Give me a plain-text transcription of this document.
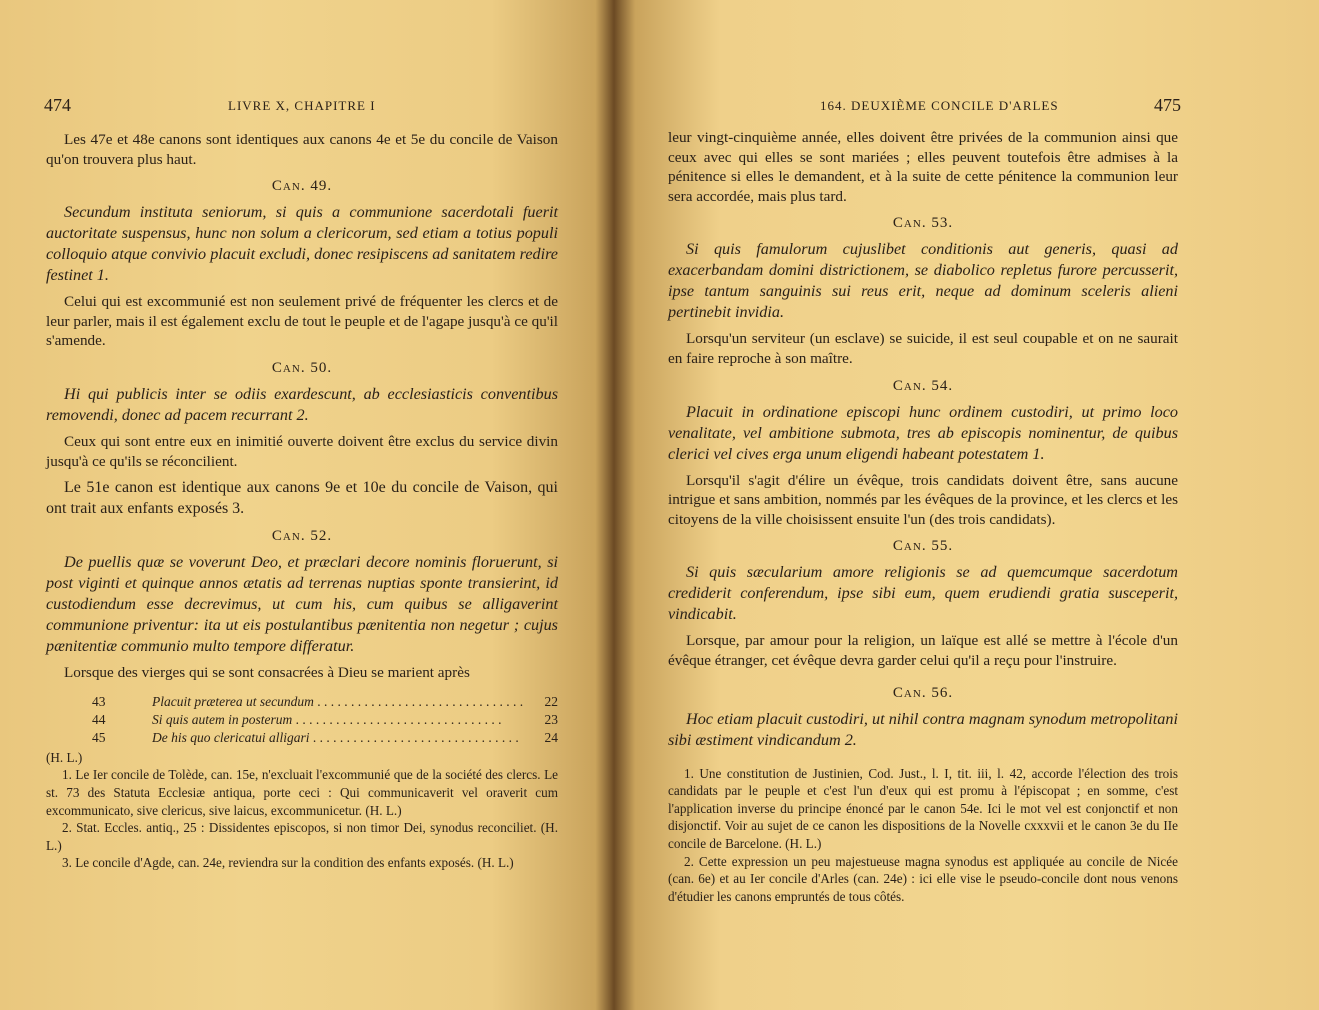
474	LIVRE X, CHAPITRE I

Les 47e et 48e canons sont identiques aux canons 4e et 5e du concile de Vaison qu'on trouvera plus haut.

Can. 49.

Secundum instituta seniorum, si quis a communione sacerdotali fuerit auctoritate suspensus, hunc non solum a clericorum, sed etiam a totius populi colloquio atque convivio placuit excludi, donec resipiscens ad sanitatem redire festinet 1.

Celui qui est excommunié est non seulement privé de fréquenter les clercs et de leur parler, mais il est également exclu de tout le peuple et de l'agape jusqu'à ce qu'il s'amende.

Can. 50.

Hi qui publicis inter se odiis exardescunt, ab ecclesiasticis conventibus removendi, donec ad pacem recurrant 2.

Ceux qui sont entre eux en inimitié ouverte doivent être exclus du service divin jusqu'à ce qu'ils se réconcilient.

Le 51e canon est identique aux canons 9e et 10e du concile de Vaison, qui ont trait aux enfants exposés 3.

Can. 52.

De puellis quæ se voverunt Deo, et præclari decore nominis floruerunt, si post viginti et quinque annos ætatis ad terrenas nuptias sponte transierint, id custodiendum esse decrevimus, ut cum his, cum quibus se alligaverint communione priventur: ita ut eis postulantibus pænitentia non negetur ; cujus pænitentiæ communio multo tempore differatur.

Lorsque des vierges qui se sont consacrées à Dieu se marient après

43	Placuit præterea ut secundum . . .	22
44	Si quis autem in posterum . . .	23
45	De his quo clericatui alligari . . .	24
(H. L.)
1. Le Ier concile de Tolède, can. 15e, n'excluait l'excommunié que de la société des clercs. Le st. 73 des Statuta Ecclesiæ antiqua, porte ceci : Qui communicaverit vel oraverit cum excommunicato, sive clericus, sive laicus, excommunicetur. (H. L.)
2. Stat. Eccles. antiq., 25 : Dissidentes episcopos, si non timor Dei, synodus reconciliet. (H. L.)
3. Le concile d'Agde, can. 24e, reviendra sur la condition des enfants exposés. (H. L.)
164. DEUXIÈME CONCILE D'ARLES	475

leur vingt-cinquième année, elles doivent être privées de la communion ainsi que ceux avec qui elles se sont mariées ; elles peuvent toutefois être admises à la pénitence si elles le demandent, et à la suite de cette pénitence la communion leur sera accordée, mais plus tard.

Can. 53.

Si quis famulorum cujuslibet conditionis aut generis, quasi ad exacerbandam domini districtionem, se diabolico repletus furore percusserit, ipse tantum sanguinis sui reus erit, neque ad dominum sceleris alieni pertinebit invidia.

Lorsqu'un serviteur (un esclave) se suicide, il est seul coupable et on ne saurait en faire reproche à son maître.

Can. 54.

Placuit in ordinatione episcopi hunc ordinem custodiri, ut primo loco venalitate, vel ambitione submota, tres ab episcopis nominentur, de quibus clerici vel cives erga unum eligendi habeant potestatem 1.

Lorsqu'il s'agit d'élire un évêque, trois candidats doivent être, sans aucune intrigue et sans ambition, nommés par les évêques de la province, et les clercs et les citoyens de la ville choisissent ensuite l'un (des trois candidats).

Can. 55.

Si quis sæcularium amore religionis se ad quemcumque sacerdotum crediderit conferendum, ipse sibi eum, quem erudiendi gratia susceperit, vindicabit.

Lorsque, par amour pour la religion, un laïque est allé se mettre à l'école d'un évêque étranger, cet évêque devra garder celui qu'il a reçu pour l'instruire.

Can. 56.

Hoc etiam placuit custodiri, ut nihil contra magnam synodum metropolitani sibi æstiment vindicandum 2.

1. Une constitution de Justinien, Cod. Just., l. I, tit. iii, l. 42, accorde l'élection des trois candidats par le peuple et c'est l'un d'eux qui est promu à l'épiscopat ; en somme, c'est l'application inverse du principe énoncé par le canon 54e. Ici le mot vel est conjonctif et non disjonctif. Voir au sujet de ce canon les dispositions de la Novelle cxxxvii et le canon 3e du IIe concile de Barcelone. (H. L.)
2. Cette expression un peu majestueuse magna synodus est appliquée au concile de Nicée (can. 6e) et au Ier concile d'Arles (can. 24e) : ici elle vise le pseudo-concile dont nous venons d'étudier les canons empruntés de tous côtés.
